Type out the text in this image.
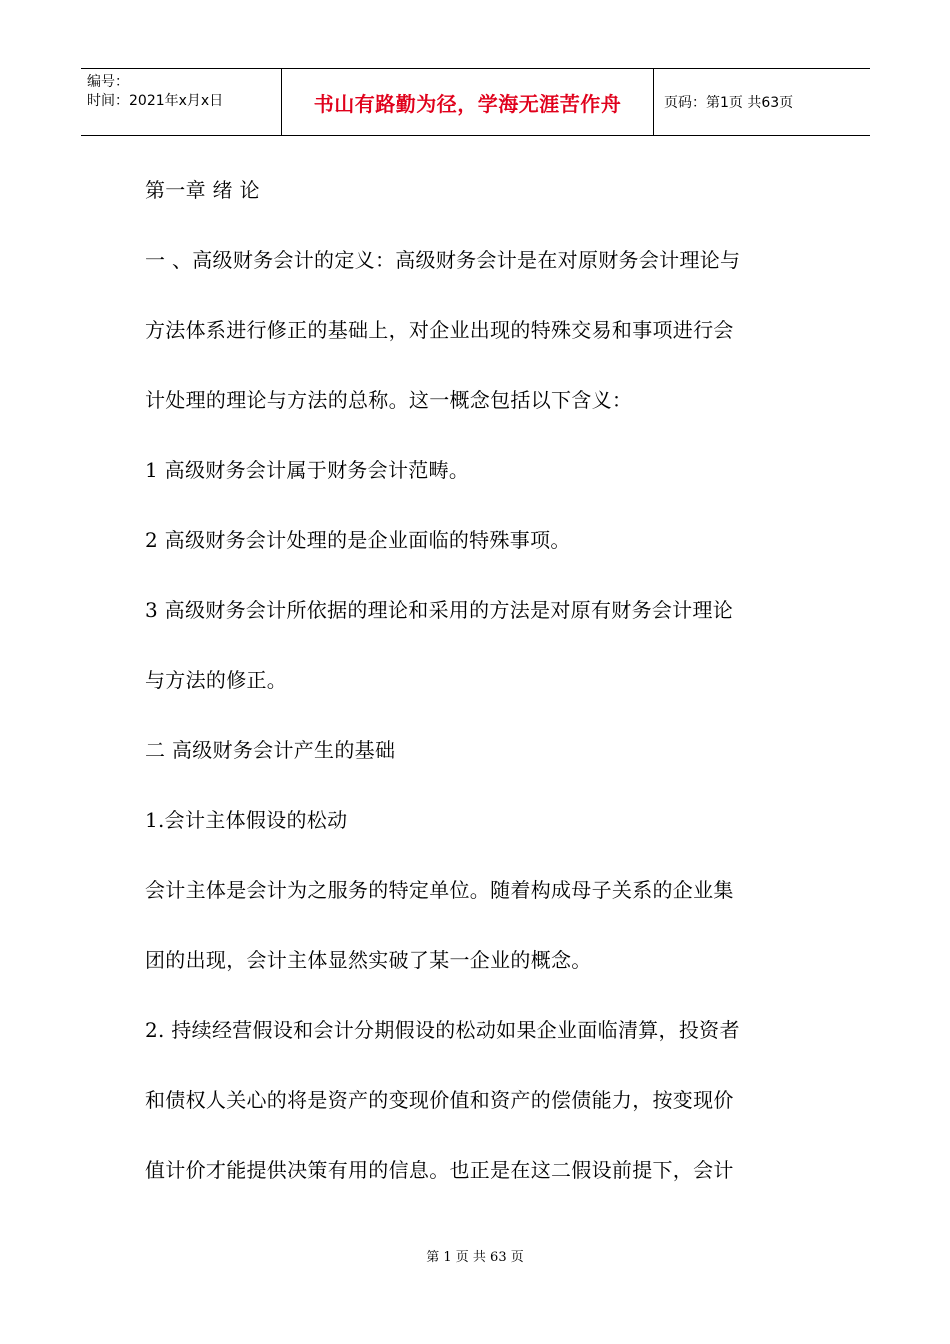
编号：
时间：2021年x月x日	书山有路勤为径，学海无涯苦作舟	页码：第1页 共63页
第一章 绪 论
一 、高级财务会计的定义：高级财务会计是在对原财务会计理论与
方法体系进行修正的基础上，对企业出现的特殊交易和事项进行会
计处理的理论与方法的总称。这一概念包括以下含义：
1 高级财务会计属于财务会计范畴。
2 高级财务会计处理的是企业面临的特殊事项。
3 高级财务会计所依据的理论和采用的方法是对原有财务会计理论
与方法的修正。
二 高级财务会计产生的基础
1.会计主体假设的松动
会计主体是会计为之服务的特定单位。随着构成母子关系的企业集
团的出现，会计主体显然实破了某一企业的概念。
2. 持续经营假设和会计分期假设的松动如果企业面临清算，投资者
和债权人关心的将是资产的变现价值和资产的偿债能力，按变现价
值计价才能提供决策有用的信息。也正是在这二假设前提下，会计
第 1 页 共 63 页
